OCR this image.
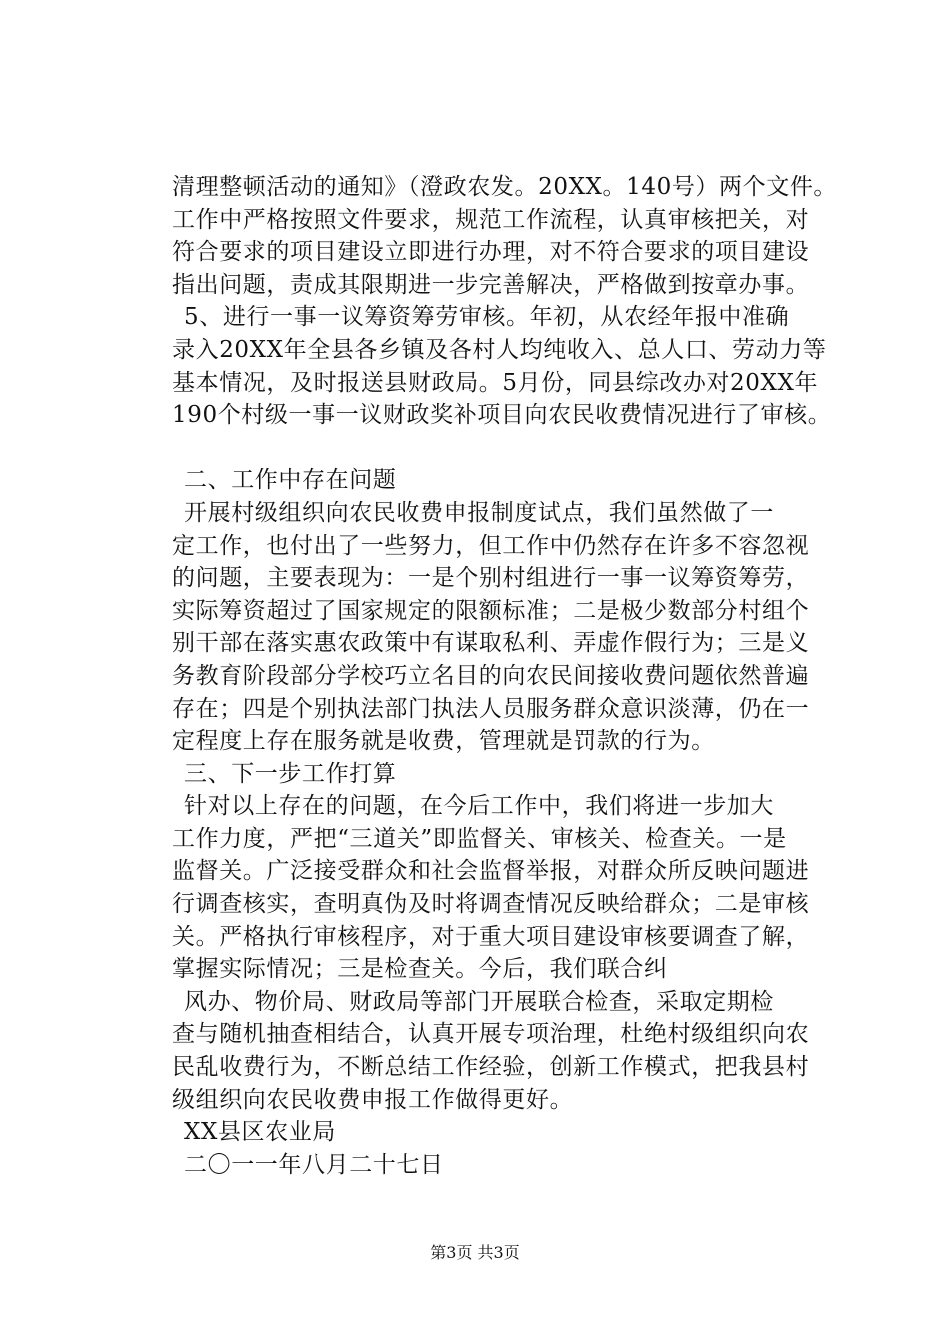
清理整顿活动的通知》（澄政农发。20XX。140号）两个文件。
工作中严格按照文件要求，规范工作流程，认真审核把关，对
符合要求的项目建设立即进行办理，对不符合要求的项目建设
指出问题，责成其限期进一步完善解决，严格做到按章办事。
5、进行一事一议筹资筹劳审核。年初，从农经年报中准确
录入20XX年全县各乡镇及各村人均纯收入、总人口、劳动力等
基本情况，及时报送县财政局。5月份，同县综改办对20XX年
190个村级一事一议财政奖补项目向农民收费情况进行了审核。
二、工作中存在问题
开展村级组织向农民收费申报制度试点，我们虽然做了一
定工作，也付出了一些努力，但工作中仍然存在许多不容忽视
的问题，主要表现为：一是个别村组进行一事一议筹资筹劳，
实际筹资超过了国家规定的限额标准；二是极少数部分村组个
别干部在落实惠农政策中有谋取私利、弄虚作假行为；三是义
务教育阶段部分学校巧立名目的向农民间接收费问题依然普遍
存在；四是个别执法部门执法人员服务群众意识淡薄，仍在一
定程度上存在服务就是收费，管理就是罚款的行为。
三、下一步工作打算
针对以上存在的问题，在今后工作中，我们将进一步加大
工作力度，严把“三道关”即监督关、审核关、检查关。一是
监督关。广泛接受群众和社会监督举报，对群众所反映问题进
行调查核实，查明真伪及时将调查情况反映给群众；二是审核
关。严格执行审核程序，对于重大项目建设审核要调查了解，
掌握实际情况；三是检查关。今后，我们联合纠
风办、物价局、财政局等部门开展联合检查，采取定期检
查与随机抽查相结合，认真开展专项治理，杜绝村级组织向农
民乱收费行为，不断总结工作经验，创新工作模式，把我县村
级组织向农民收费申报工作做得更好。
XX县区农业局
二〇一一年八月二十七日
第3页 共3页
